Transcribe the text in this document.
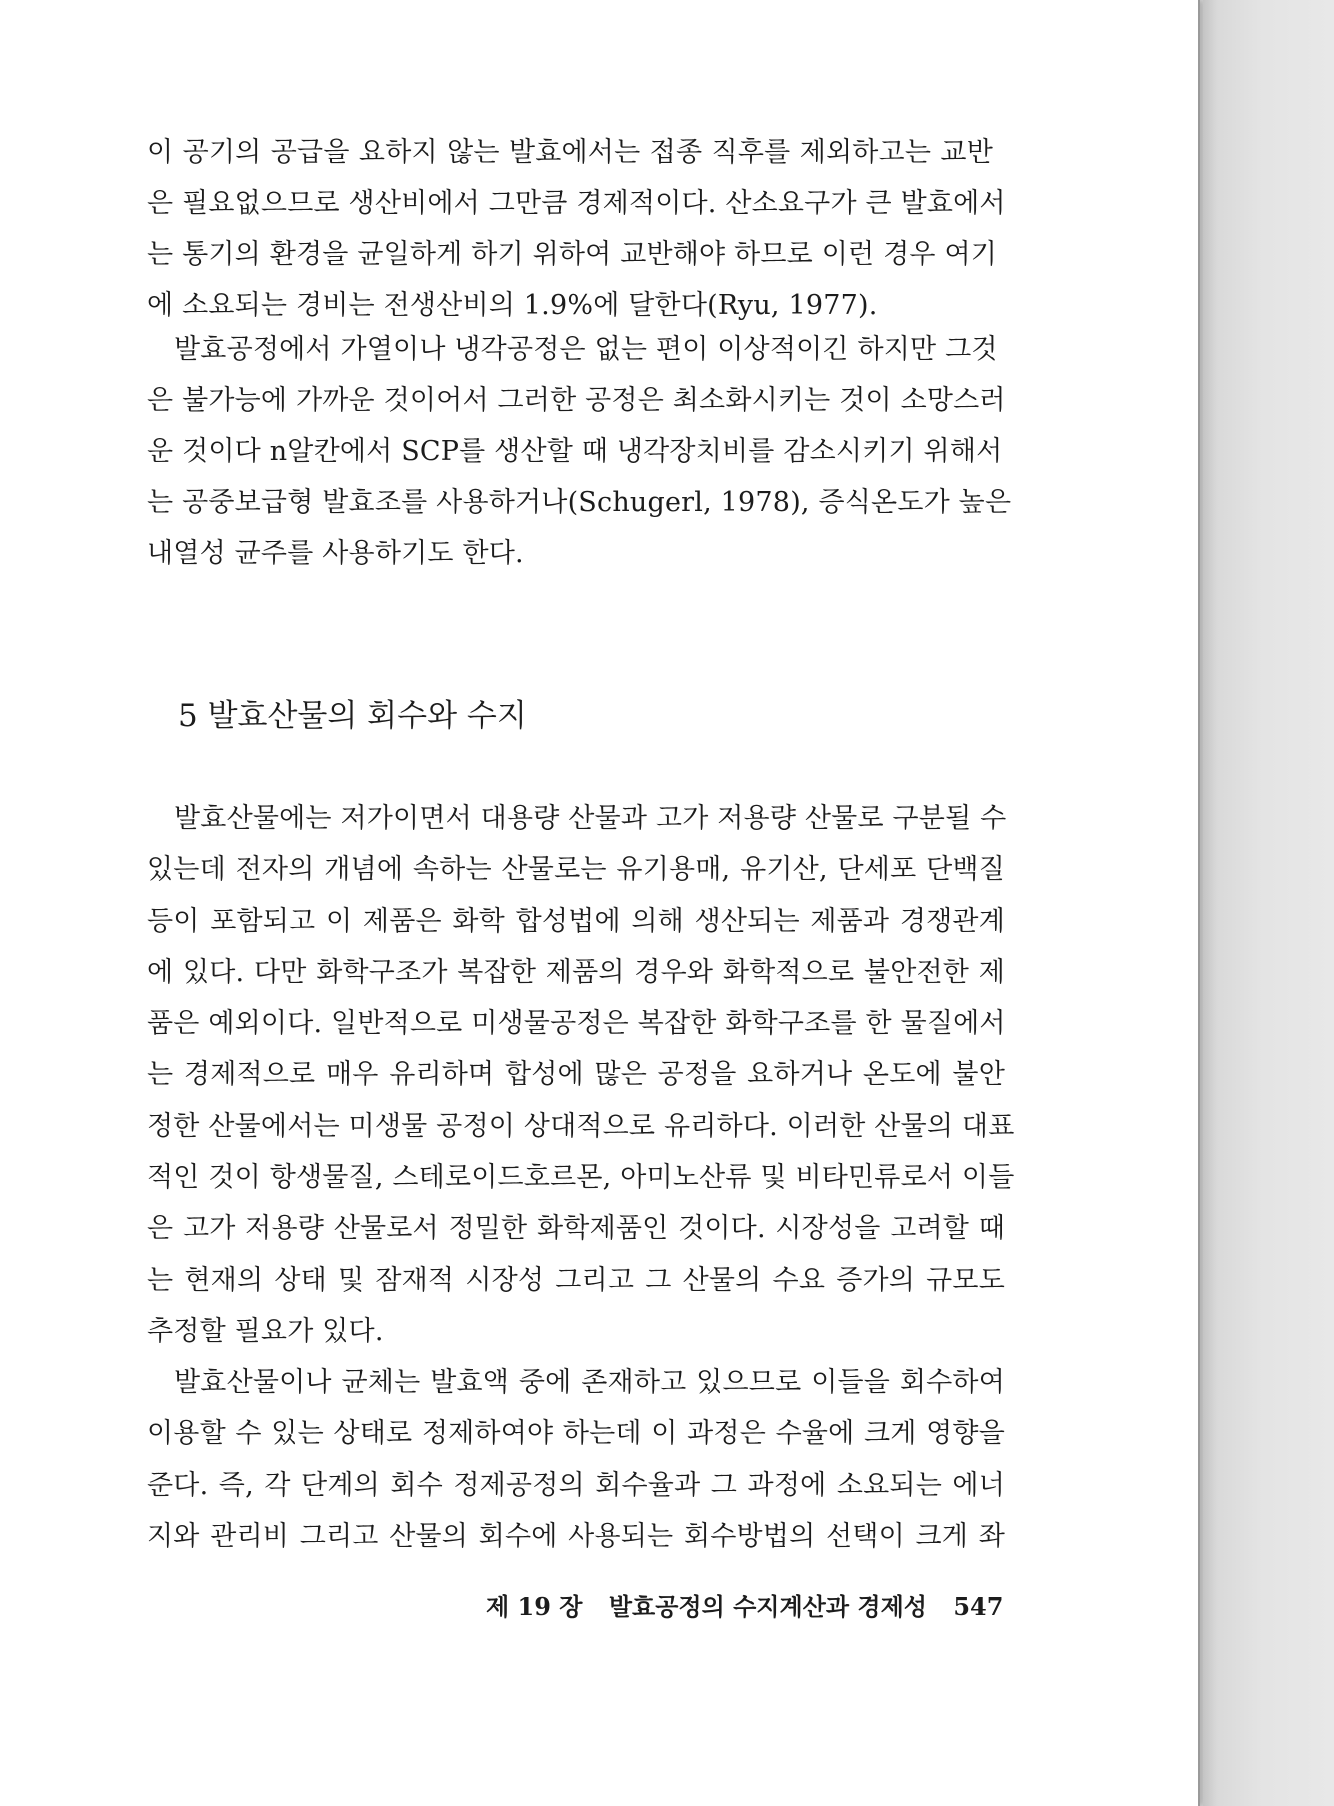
이 공기의 공급을 요하지 않는 발효에서는 접종 직후를 제외하고는 교반
은 필요없으므로 생산비에서 그만큼 경제적이다. 산소요구가 큰 발효에서
는 통기의 환경을 균일하게 하기 위하여 교반해야 하므로 이런 경우 여기
에 소요되는 경비는 전생산비의 1.9%에 달한다(Ryu, 1977).
발효공정에서 가열이나 냉각공정은 없는 편이 이상적이긴 하지만 그것
은 불가능에 가까운 것이어서 그러한 공정은 최소화시키는 것이 소망스러
운 것이다 n알칸에서 SCP를 생산할 때 냉각장치비를 감소시키기 위해서
는 공중보급형 발효조를 사용하거나(Schugerl, 1978), 증식온도가 높은
내열성 균주를 사용하기도 한다.
5 발효산물의 회수와 수지
발효산물에는 저가이면서 대용량 산물과 고가 저용량 산물로 구분될 수
있는데 전자의 개념에 속하는 산물로는 유기용매, 유기산, 단세포 단백질
등이 포함되고 이 제품은 화학 합성법에 의해 생산되는 제품과 경쟁관계
에 있다. 다만 화학구조가 복잡한 제품의 경우와 화학적으로 불안전한 제
품은 예외이다. 일반적으로 미생물공정은 복잡한 화학구조를 한 물질에서
는 경제적으로 매우 유리하며 합성에 많은 공정을 요하거나 온도에 불안
정한 산물에서는 미생물 공정이 상대적으로 유리하다. 이러한 산물의 대표
적인 것이 항생물질, 스테로이드호르몬, 아미노산류 및 비타민류로서 이들
은 고가 저용량 산물로서 정밀한 화학제품인 것이다. 시장성을 고려할 때
는 현재의 상태 및 잠재적 시장성 그리고 그 산물의 수요 증가의 규모도
추정할 필요가 있다.
발효산물이나 균체는 발효액 중에 존재하고 있으므로 이들을 회수하여
이용할 수 있는 상태로 정제하여야 하는데 이 과정은 수율에 크게 영향을
준다. 즉, 각 단계의 회수 정제공정의 회수율과 그 과정에 소요되는 에너
지와 관리비 그리고 산물의 회수에 사용되는 회수방법의 선택이 크게 좌
제 19 장 발효공정의 수지계산과 경제성 547
